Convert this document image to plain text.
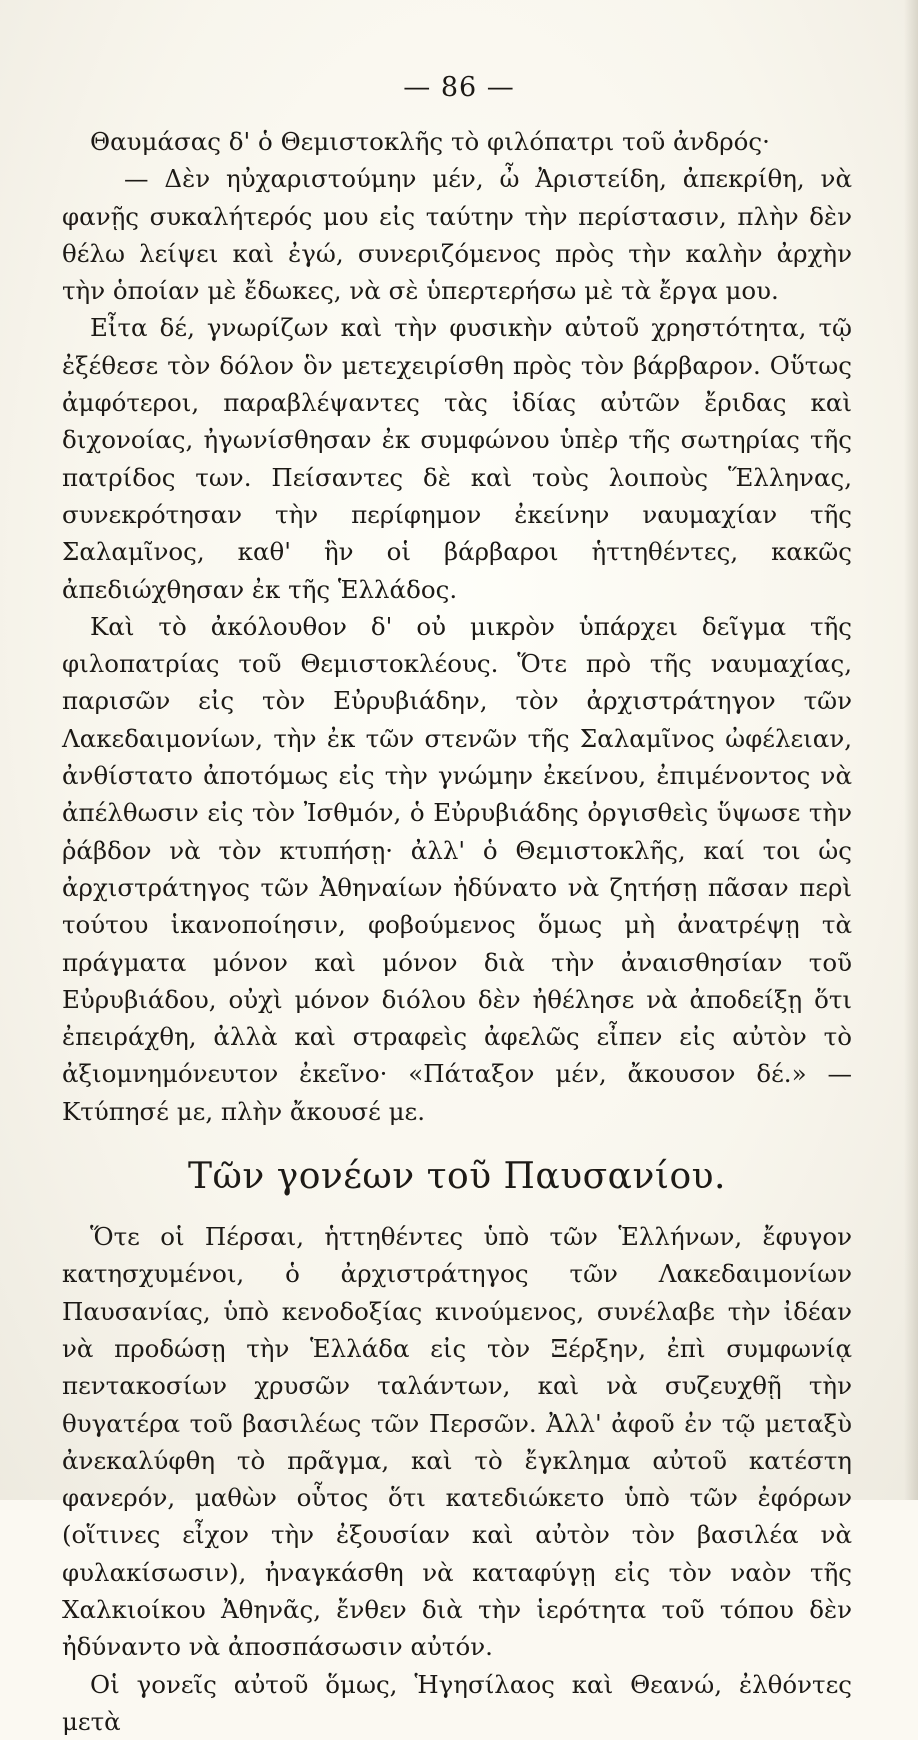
— 86 —

Θαυμάσας δ' ὁ Θεμιστοκλῆς τὸ φιλόπατρι τοῦ ἀνδρός·

— Δὲν ηὐχαριστούμην μέν, ὦ Ἀριστείδη, ἀπεκρίθη, νὰ φανῇς συκαλήτερός μου εἰς ταύτην τὴν περίστασιν, πλὴν δὲν θέλω λείψει καὶ ἐγώ, συνεριζόμενος πρὸς τὴν καλὴν ἀρχὴν τὴν ὁποίαν μὲ ἔδωκες, νὰ σὲ ὑπερτερήσω μὲ τὰ ἔργα μου.

Εἶτα δέ, γνωρίζων καὶ τὴν φυσικὴν αὐτοῦ χρηστότητα, τῷ ἐξέθεσε τὸν δόλον ὃν μετεχειρίσθη πρὸς τὸν βάρβαρον. Οὕτως ἀμφότεροι, παραβλέψαντες τὰς ἰδίας αὐτῶν ἔριδας καὶ διχονοίας, ἠγωνίσθησαν ἐκ συμφώνου ὑπὲρ τῆς σωτηρίας τῆς πατρίδος των. Πείσαντες δὲ καὶ τοὺς λοιποὺς Ἕλληνας, συνεκρότησαν τὴν περίφημον ἐκείνην ναυμαχίαν τῆς Σαλαμῖνος, καθ' ἣν οἱ βάρβαροι ἡττηθέντες, κακῶς ἀπεδιώχθησαν ἐκ τῆς Ἑλλάδος.

Καὶ τὸ ἀκόλουθον δ' οὐ μικρὸν ὑπάρχει δεῖγμα τῆς φιλοπατρίας τοῦ Θεμιστοκλέους. Ὅτε πρὸ τῆς ναυμαχίας, παρισῶν εἰς τὸν Εὐρυβιάδην, τὸν ἀρχιστράτηγον τῶν Λακεδαιμονίων, τὴν ἐκ τῶν στενῶν τῆς Σαλαμῖνος ὠφέλειαν, ἀνθίστατο ἀποτόμως εἰς τὴν γνώμην ἐκείνου, ἐπιμένοντος νὰ ἀπέλθωσιν εἰς τὸν Ἰσθμόν, ὁ Εὐρυβιάδης ὀργισθεὶς ὕψωσε τὴν ῥάβδον νὰ τὸν κτυπήσῃ· ἀλλ' ὁ Θεμιστοκλῆς, καί τοι ὡς ἀρχιστράτηγος τῶν Ἀθηναίων ἠδύνατο νὰ ζητήσῃ πᾶσαν περὶ τούτου ἱκανοποίησιν, φοβούμενος ὅμως μὴ ἀνατρέψῃ τὰ πράγματα μόνον καὶ μόνον διὰ τὴν ἀναισθησίαν τοῦ Εὐρυβιάδου, οὐχὶ μόνον διόλου δὲν ἠθέλησε νὰ ἀποδείξῃ ὅτι ἐπειράχθη, ἀλλὰ καὶ στραφεὶς ἀφελῶς εἶπεν εἰς αὐτὸν τὸ ἀξιομνημόνευτον ἐκεῖνο· «Πάταξον μέν, ἄκουσον δέ.» —Κτύπησέ με, πλὴν ἄκουσέ με.

Τῶν γονέων τοῦ Παυσανίου.

Ὅτε οἱ Πέρσαι, ἡττηθέντες ὑπὸ τῶν Ἑλλήνων, ἔφυγον κατησχυμένοι, ὁ ἀρχιστράτηγος τῶν Λακεδαιμονίων Παυσανίας, ὑπὸ κενοδοξίας κινούμενος, συνέλαβε τὴν ἰδέαν νὰ προδώσῃ τὴν Ἑλλάδα εἰς τὸν Ξέρξην, ἐπὶ συμφωνίᾳ πεντακοσίων χρυσῶν ταλάντων, καὶ νὰ συζευχθῇ τὴν θυγατέρα τοῦ βασιλέως τῶν Περσῶν. Ἀλλ' ἀφοῦ ἐν τῷ μεταξὺ ἀνεκαλύφθη τὸ πρᾶγμα, καὶ τὸ ἔγκλημα αὐτοῦ κατέστη φανερόν, μαθὼν οὗτος ὅτι κατεδιώκετο ὑπὸ τῶν ἐφόρων (οἵτινες εἶχον τὴν ἐξουσίαν καὶ αὐτὸν τὸν βασιλέα νὰ φυλακίσωσιν), ἠναγκάσθη νὰ καταφύγῃ εἰς τὸν ναὸν τῆς Χαλκιοίκου Ἀθηνᾶς, ἔνθεν διὰ τὴν ἱερότητα τοῦ τόπου δὲν ἠδύναντο νὰ ἀποσπάσωσιν αὐτόν.

Οἱ γονεῖς αὐτοῦ ὅμως, Ἡγησίλαος καὶ Θεανώ, ἐλθόντες μετὰ
